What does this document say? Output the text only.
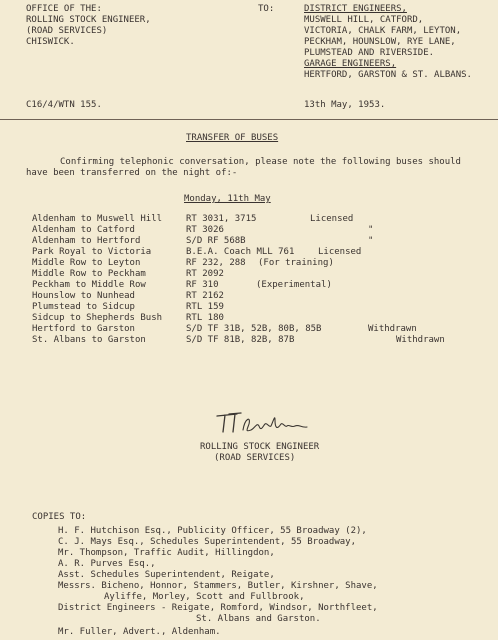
OFFICE OF THE:
ROLLING STOCK ENGINEER,
(ROAD SERVICES)
CHISWICK.
TO:	DISTRICT ENGINEERS,
MUSWELL HILL, CATFORD,
VICTORIA, CHALK FARM, LEYTON,
PECKHAM, HOUNSLOW, RYE LANE,
PLUMSTEAD AND RIVERSIDE.
GARAGE ENGINEERS,
HERTFORD, GARSTON & ST. ALBANS.
C16/4/WTN 155.	13th May, 1953.
TRANSFER OF BUSES
Confirming telephonic conversation, please note the following buses should
have been transferred on the night of:-
Monday, 11th May
Aldenham to Muswell Hill	RT 3031, 3715	Licensed
Aldenham to Catford	RT 3026	"
Aldenham to Hertford	S/D RF 568B	"
Park Royal to Victoria	B.E.A. Coach MLL 761	Licensed
Middle Row to Leyton	RF 232, 288 (For training)
Middle Row to Peckham	RT 2092
Peckham to Middle Row	RF 310	(Experimental)
Hounslow to Nunhead	RT 2162
Plumstead to Sidcup	RTL 159
Sidcup to Shepherds Bush	RTL 180
Hertford to Garston	S/D TF 31B, 52B, 80B, 85B	Withdrawn
St. Albans to Garston	S/D TF 81B, 82B, 87B	Withdrawn
ROLLING STOCK ENGINEER
(ROAD SERVICES)
COPIES TO:
H. F. Hutchison Esq., Publicity Officer, 55 Broadway (2),
C. J. Mays Esq., Schedules Superintendent, 55 Broadway,
Mr. Thompson, Traffic Audit, Hillingdon,
A. R. Purves Esq.,
Asst. Schedules Superintendent, Reigate,
Messrs. Bicheno, Honnor, Stammers, Butler, Kirshner, Shave,
Ayliffe, Morley, Scott and Fullbrook,
District Engineers - Reigate, Romford, Windsor, Northfleet,
St. Albans and Garston.
Mr. Fuller, Advert., Aldenham.
